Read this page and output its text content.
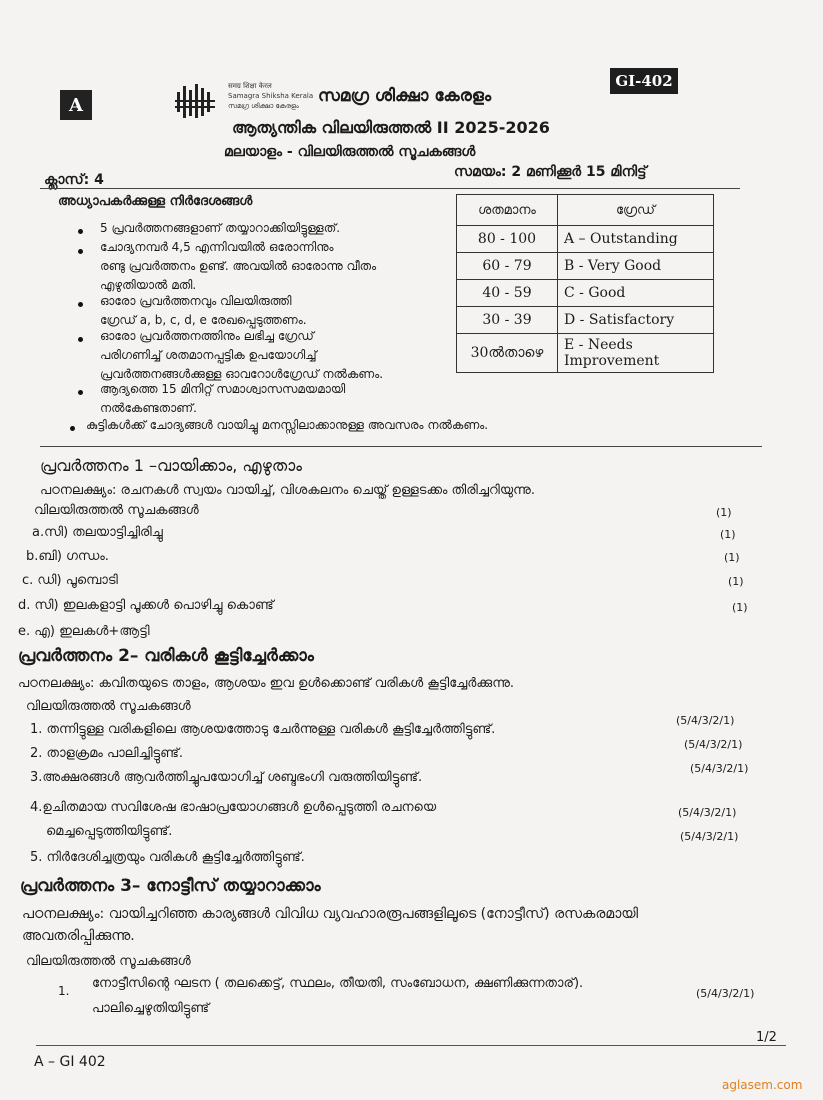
A
GI-402
समग्र शिक्षा केरल
Samagra Shiksha Kerala
സമഗ്ര ശിക്ഷാ കേരളം സമഗ്ര ശിക്ഷാ കേരളം
ആത്യന്തിക വിലയിരുത്തൽ II 2025-2026
മലയാളം - വിലയിരുത്തൽ സൂചകങ്ങൾ
സമയം: 2 മണിക്കൂർ 15 മിനിട്ട്
ക്ലാസ്: 4
അധ്യാപകർക്കുള്ള നിർദേശങ്ങൾ
5 പ്രവർത്തനങ്ങളാണ് തയ്യാറാക്കിയിട്ടുള്ളത്.
ചോദ്യനമ്പർ 4,5 എന്നിവയിൽ ഒരോന്നിനും
രണ്ടു പ്രവർത്തനം ഉണ്ട്. അവയിൽ ഓരോന്നു വീതം
എഴുതിയാൽ മതി.
ഓരോ പ്രവർത്തനവും വിലയിരുത്തി
ഗ്രേഡ് a, b, c, d, e രേഖപ്പെടുത്തണം.
ഓരോ പ്രവർത്തനത്തിനും ലഭിച്ച ഗ്രേഡ്
പരിഗണിച്ച് ശതമാനപ്പട്ടിക ഉപയോഗിച്ച്
പ്രവർത്തനങ്ങൾക്കുള്ള ഓവറോൾഗ്രേഡ് നൽകണം.
ആദ്യത്തെ 15 മിനിറ്റ് സമാശ്വാസസമയമായി
നൽകേണ്ടതാണ്.
കുട്ടികൾക്ക് ചോദ്യങ്ങൾ വായിച്ചു മനസ്സിലാക്കാനുള്ള അവസരം നൽകണം.
ശതമാനം	ഗ്രേഡ്
80 - 100	A – Outstanding
60 - 79	B - Very Good
40 - 59	C - Good
30 - 39	D - Satisfactory
30ൽതാഴെ	E - Needs Improvement
പ്രവർത്തനം 1 –വായിക്കാം, എഴുതാം
പഠനലക്ഷ്യം: രചനകൾ സ്വയം വായിച്ച്, വിശകലനം ചെയ്ത് ഉള്ളടക്കം തിരിച്ചറിയുന്നു.
വിലയിരുത്തൽ സൂചകങ്ങൾ	(1)
a.സി) തലയാട്ടിച്ചിരിച്ചു	(1)
b.ബി) ഗന്ധം.	(1)
c. ഡി) പൂമ്പൊടി	(1)
d. സി) ഇലകളാട്ടി പൂക്കൾ പൊഴിച്ചു കൊണ്ട്	(1)
e. എ) ഇലകൾ+ആട്ടി
പ്രവർത്തനം 2– വരികൾ കൂട്ടിച്ചേർക്കാം
പഠനലക്ഷ്യം: കവിതയുടെ താളം, ആശയം ഇവ ഉൾക്കൊണ്ട് വരികൾ കൂട്ടിച്ചേർക്കുന്നു.
വിലയിരുത്തൽ സൂചകങ്ങൾ
1. തന്നിട്ടുള്ള വരികളിലെ ആശയത്തോടു ചേർന്നുള്ള വരികൾ കൂട്ടിച്ചേർത്തിട്ടുണ്ട്.
(5/4/3/2/1)
2. താളക്രമം പാലിച്ചിട്ടുണ്ട്.
(5/4/3/2/1)
3.അക്ഷരങ്ങൾ ആവർത്തിച്ചുപയോഗിച്ച് ശബ്ദഭംഗി വരുത്തിയിട്ടുണ്ട്.
(5/4/3/2/1)
4.ഉചിതമായ സവിശേഷ ഭാഷാപ്രയോഗങ്ങൾ ഉൾപ്പെടുത്തി രചനയെ	(5/4/3/2/1)
മെച്ചപ്പെടുത്തിയിട്ടുണ്ട്.	(5/4/3/2/1)
5. നിർദേശിച്ചത്രയും വരികൾ കൂട്ടിച്ചേർത്തിട്ടുണ്ട്.
പ്രവർത്തനം 3– നോട്ടീസ് തയ്യാറാക്കാം
പഠനലക്ഷ്യം: വായിച്ചറിഞ്ഞ കാര്യങ്ങൾ വിവിധ വ്യവഹാരരൂപങ്ങളിലൂടെ (നോട്ടീസ്) രസകരമായി
അവതരിപ്പിക്കുന്നു.
വിലയിരുത്തൽ സൂചകങ്ങൾ
1. നോട്ടീസിന്റെ ഘടന ( തലക്കെട്ട്, സ്ഥലം, തീയതി, സംബോധന, ക്ഷണിക്കുന്നതാര്).
(5/4/3/2/1)
പാലിച്ചെഴുതിയിട്ടുണ്ട്
1/2
A – GI 402
aglasem.com
